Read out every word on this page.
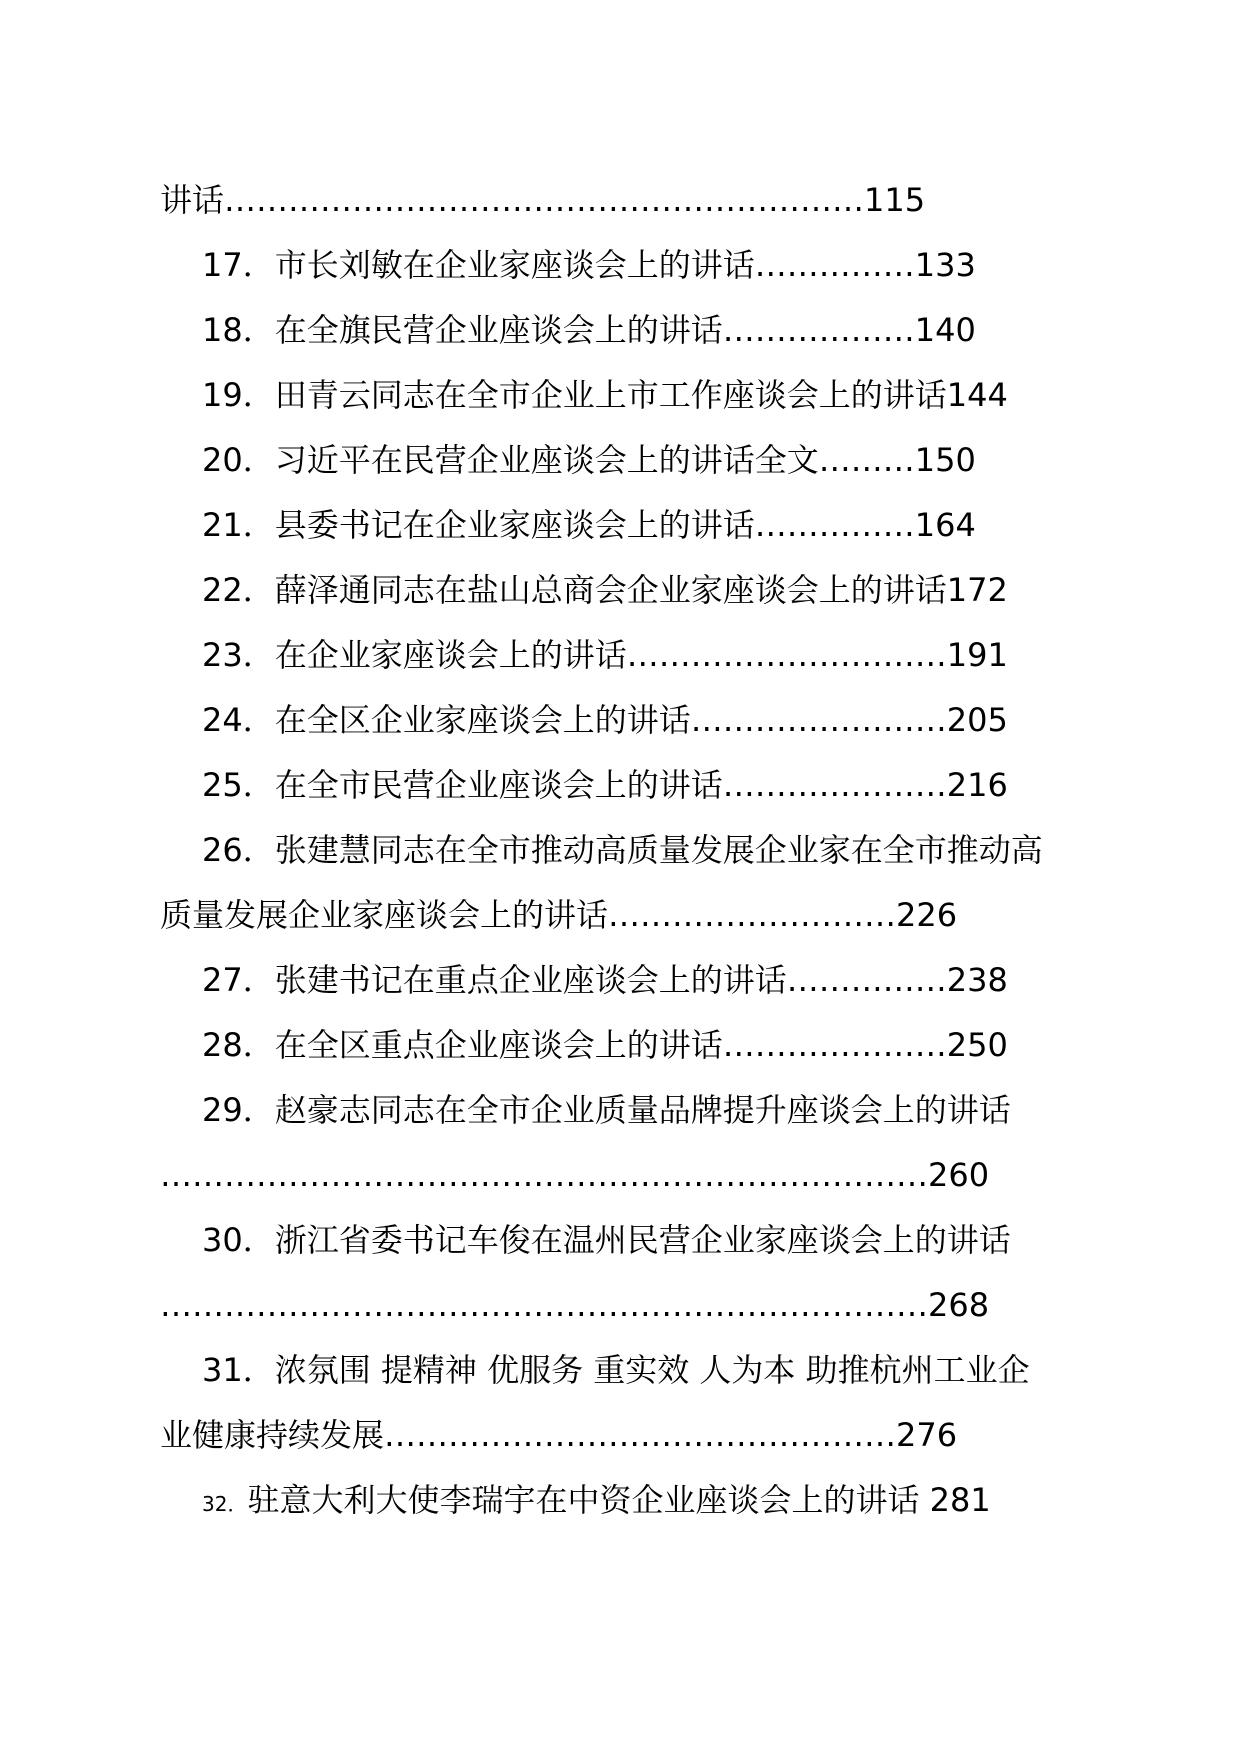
讲话……………………………………………………115
17．市长刘敏在企业家座谈会上的讲话……………133
18．在全旗民营企业座谈会上的讲话………………140
19．田青云同志在全市企业上市工作座谈会上的讲话144
20．习近平在民营企业座谈会上的讲话全文………150
21．县委书记在企业家座谈会上的讲话……………164
22．薛泽通同志在盐山总商会企业家座谈会上的讲话172
23．在企业家座谈会上的讲话…………………………191
24．在全区企业家座谈会上的讲话……………………205
25．在全市民营企业座谈会上的讲话…………………216
26．张建慧同志在全市推动高质量发展企业家在全市推动高
质量发展企业家座谈会上的讲话………………………226
27．张建书记在重点企业座谈会上的讲话……………238
28．在全区重点企业座谈会上的讲话…………………250
29．赵豪志同志在全市企业质量品牌提升座谈会上的讲话
………………………………………………………………260
30．浙江省委书记车俊在温州民营企业家座谈会上的讲话
………………………………………………………………268
31．浓氛围 提精神 优服务 重实效 人为本 助推杭州工业企
业健康持续发展…………………………………………276
32．驻意大利大使李瑞宇在中资企业座谈会上的讲话 281
